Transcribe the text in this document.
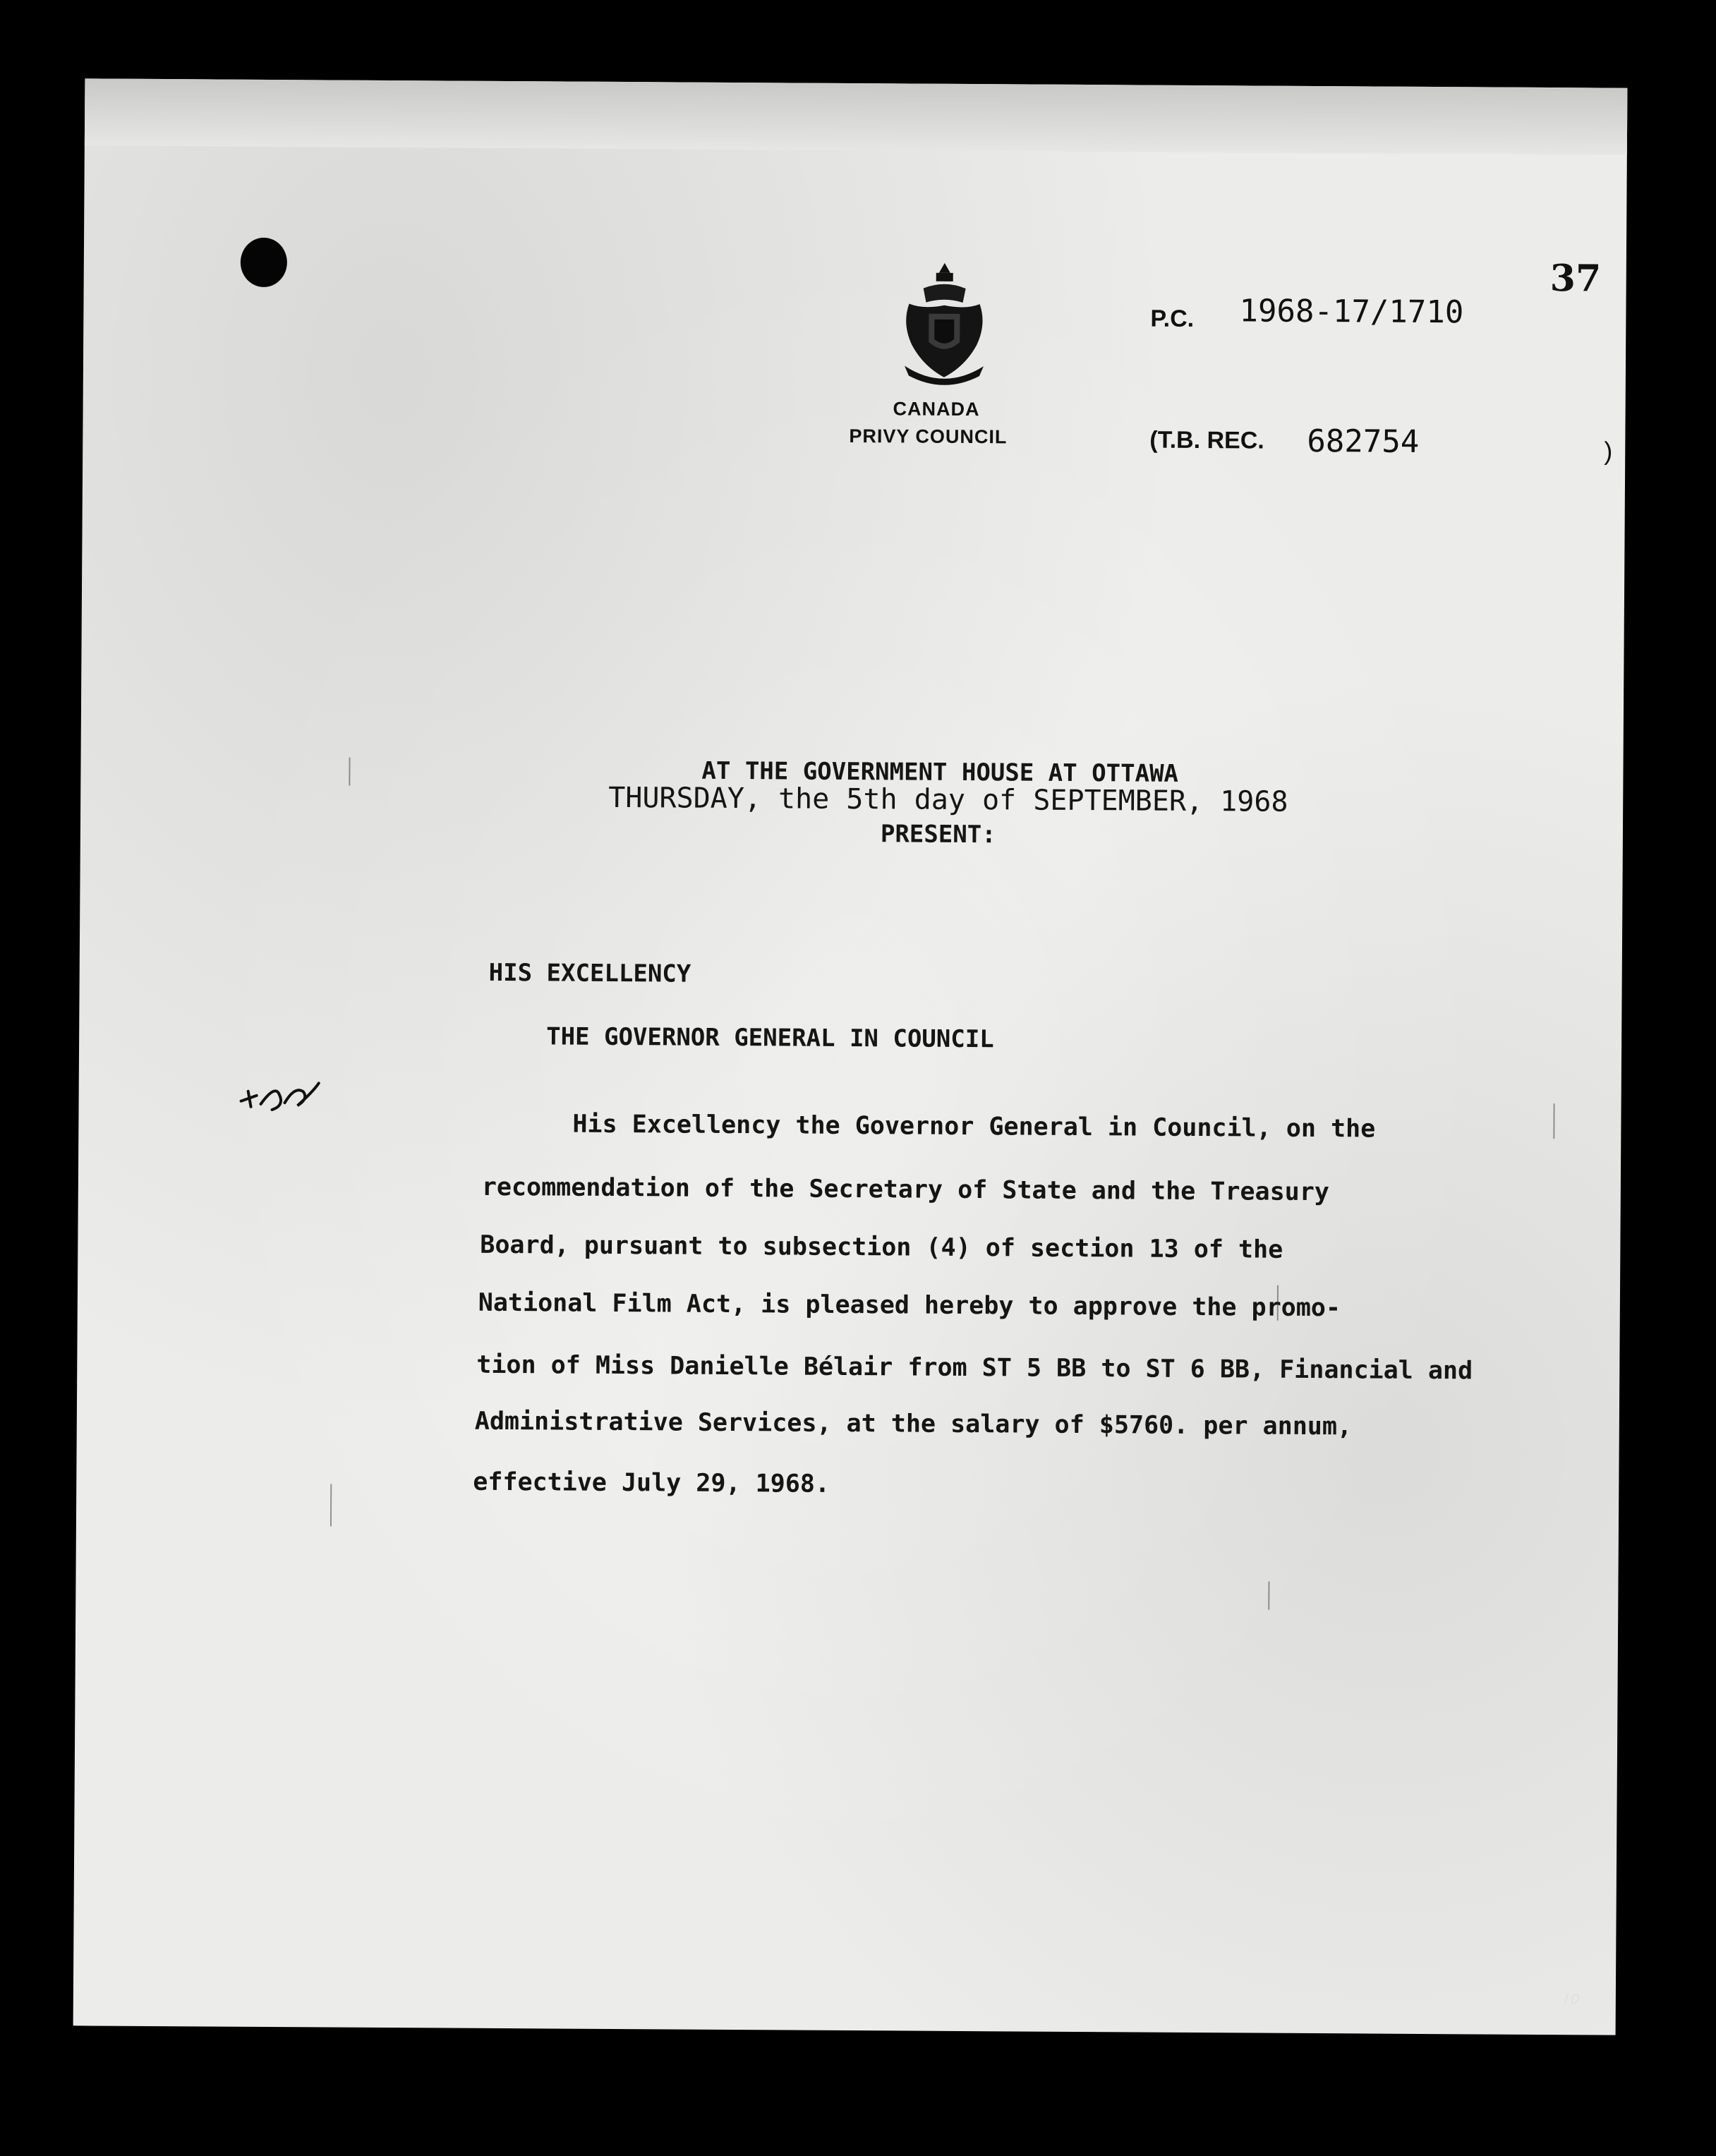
37
CANADA
PRIVY COUNCIL
P.C. 1968-17/1710
(T.B. REC. 682754	)
AT THE GOVERNMENT HOUSE AT OTTAWA
THURSDAY, the 5th day of SEPTEMBER, 1968
PRESENT:
HIS EXCELLENCY
THE GOVERNOR GENERAL IN COUNCIL
His Excellency the Governor General in Council, on the
recommendation of the Secretary of State and the Treasury
Board, pursuant to subsection (4) of section 13 of the
National Film Act, is pleased hereby to approve the promo-
tion of Miss Danielle Bélair from ST 5 BB to ST 6 BB, Financial and
Administrative Services, at the salary of $5760. per annum,
effective July 29, 1968.
